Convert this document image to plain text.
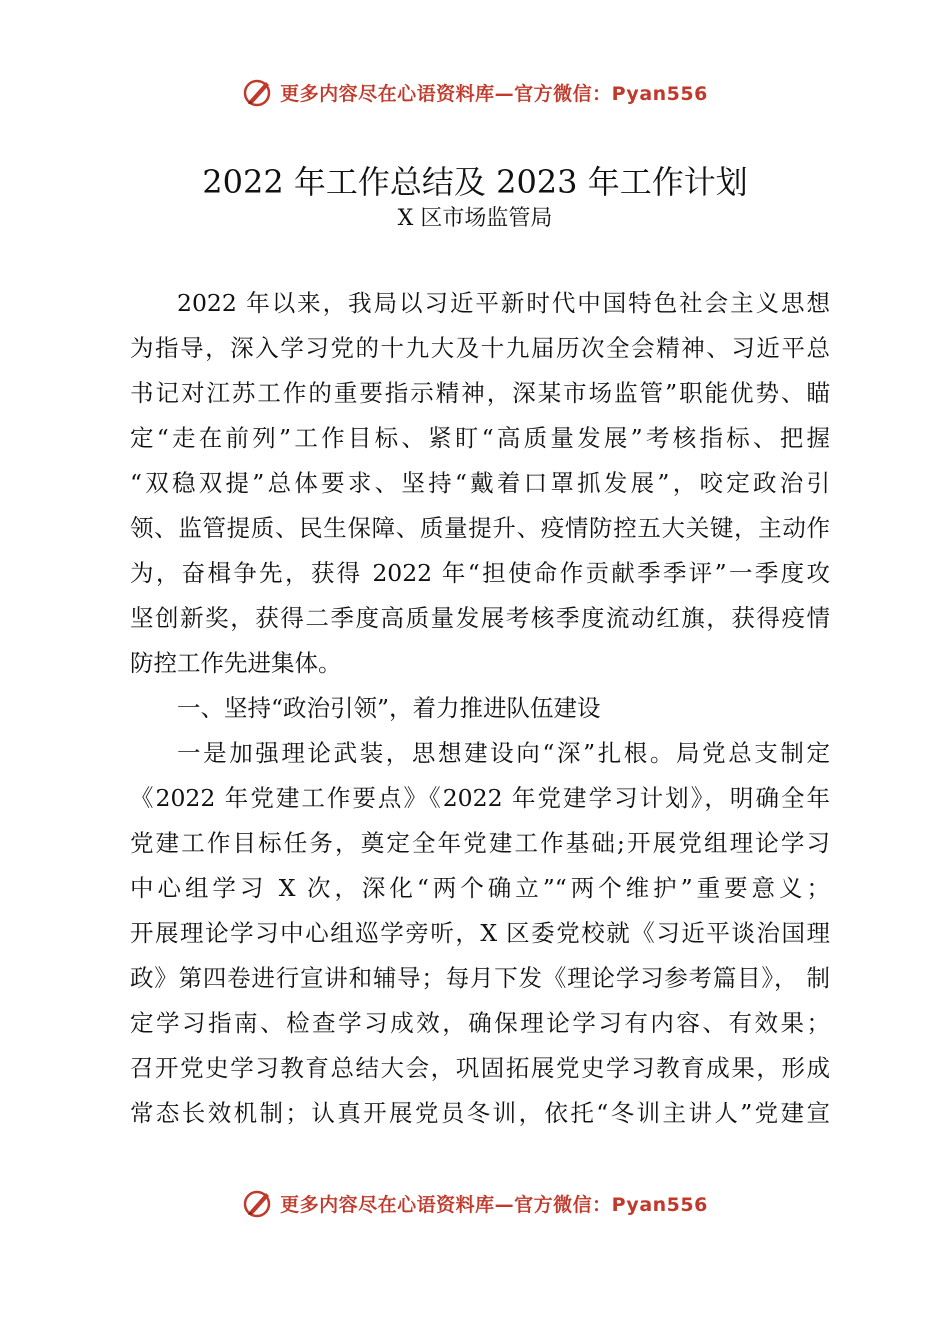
更多内容尽在心语资料库—官方微信：Pyan556
2022 年工作总结及 2023 年工作计划
X 区市场监管局
2022 年以来，我局以习近平新时代中国特色社会主义思想
为指导，深入学习党的十九大及十九届历次全会精神、习近平总
书记对江苏工作的重要指示精神，深某市场监管”职能优势、瞄
定“走在前列”工作目标、紧盯“高质量发展”考核指标、把握
“双稳双提”总体要求、坚持“戴着口罩抓发展”，咬定政治引
领、监管提质、民生保障、质量提升、疫情防控五大关键，主动作
为，奋楫争先，获得 2022 年“担使命作贡献季季评”一季度攻
坚创新奖，获得二季度高质量发展考核季度流动红旗，获得疫情
防控工作先进集体。
一、坚持“政治引领”，着力推进队伍建设
一是加强理论武装，思想建设向“深”扎根。局党总支制定
《2022 年党建工作要点》《2022 年党建学习计划》，明确全年
党建工作目标任务，奠定全年党建工作基础;开展党组理论学习
中心组学习 X 次，深化“两个确立”“两个维护”重要意义；
开展理论学习中心组巡学旁听，X 区委党校就《习近平谈治国理
政》第四卷进行宣讲和辅导；每月下发《理论学习参考篇目》， 制
定学习指南、检查学习成效，确保理论学习有内容、有效果；
召开党史学习教育总结大会，巩固拓展党史学习教育成果，形成
常态长效机制；认真开展党员冬训，依托“冬训主讲人”党建宣
更多内容尽在心语资料库—官方微信：Pyan556
